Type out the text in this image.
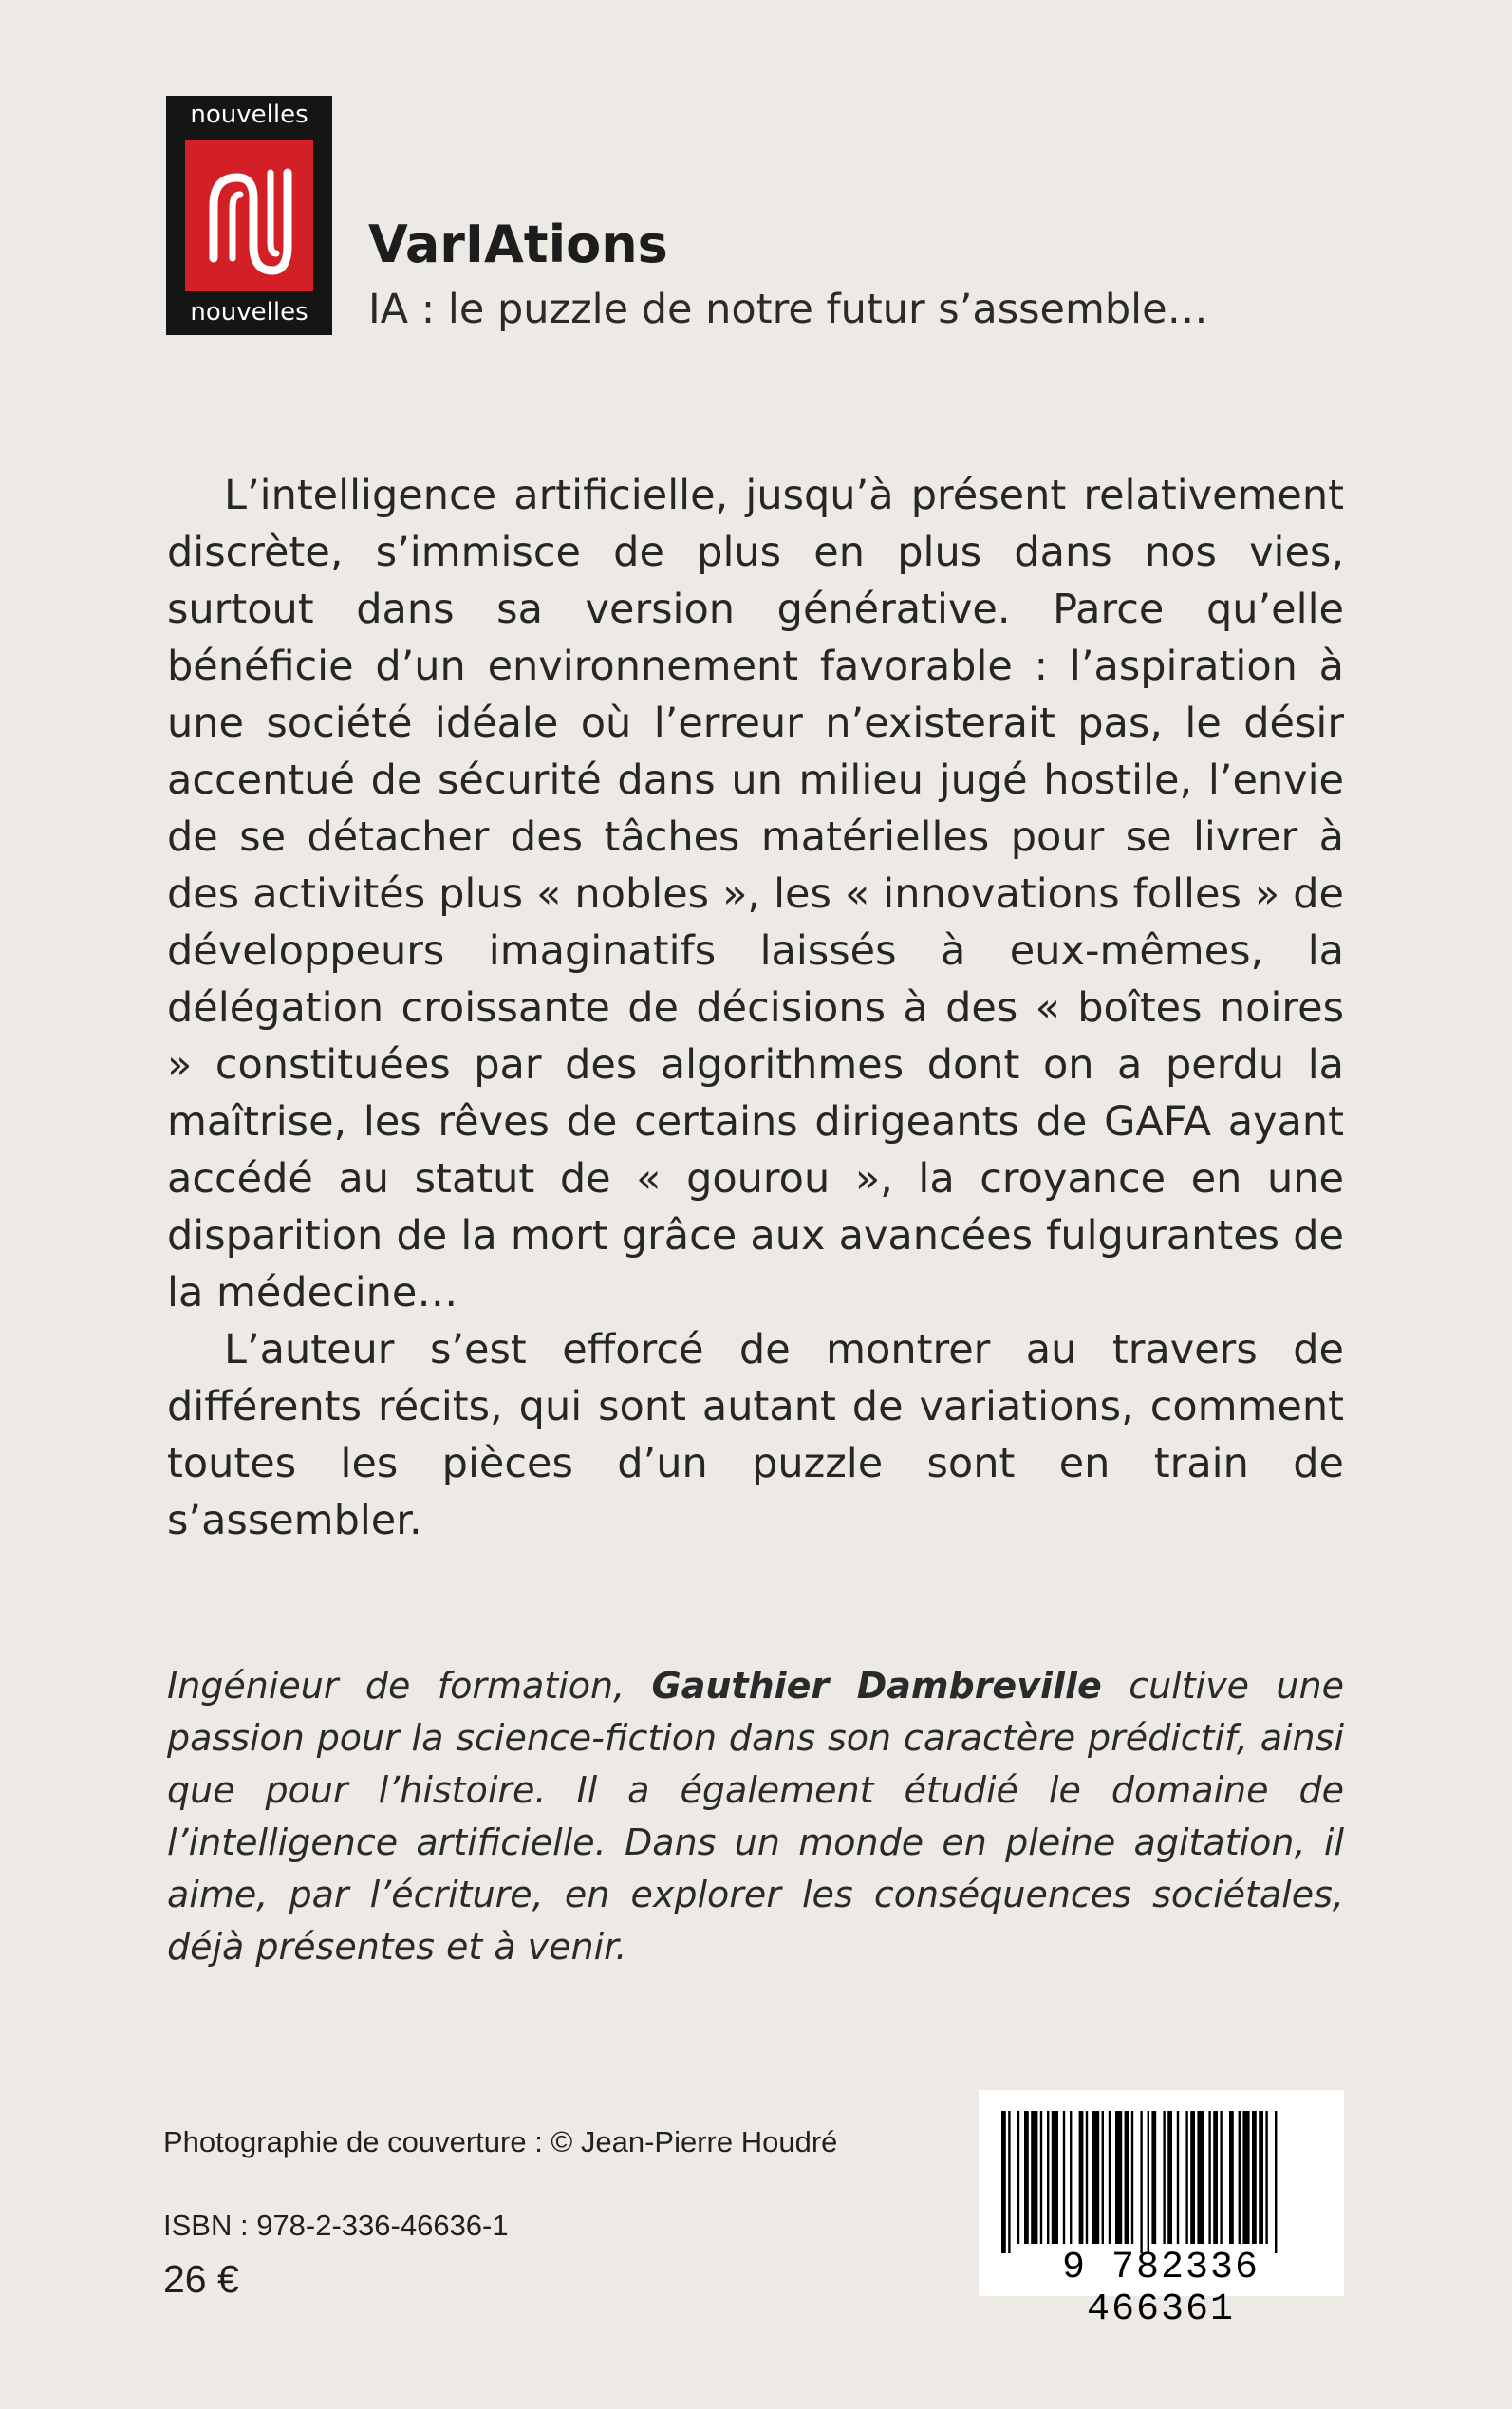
nouvelles
nouvelles
VarIAtions
IA : le puzzle de notre futur s’assemble…

L’intelligence artificielle, jusqu’à présent relativement discrète, s’immisce de plus en plus dans nos vies, surtout dans sa version générative. Parce qu’elle bénéficie d’un environnement favorable : l’aspiration à une société idéale où l’erreur n’existerait pas, le désir accentué de sécurité dans un milieu jugé hostile, l’envie de se détacher des tâches matérielles pour se livrer à des activités plus « nobles », les « innovations folles » de développeurs imaginatifs laissés à eux-mêmes, la délégation croissante de décisions à des « boîtes noires » constituées par des algorithmes dont on a perdu la maîtrise, les rêves de certains dirigeants de GAFA ayant accédé au statut de « gourou », la croyance en une disparition de la mort grâce aux avancées fulgurantes de la médecine…

L’auteur s’est efforcé de montrer au travers de différents récits, qui sont autant de variations, comment toutes les pièces d’un puzzle sont en train de s’assembler.

Ingénieur de formation, Gauthier Dambreville cultive une passion pour la science-fiction dans son caractère prédictif, ainsi que pour l’histoire. Il a également étudié le domaine de l’intelligence artificielle. Dans un monde en pleine agitation, il aime, par l’écriture, en explorer les conséquences sociétales, déjà présentes et à venir.
Photographie de couverture : © Jean-Pierre Houdré
ISBN : 978-2-336-46636-1
26 €	9 782336 466361
